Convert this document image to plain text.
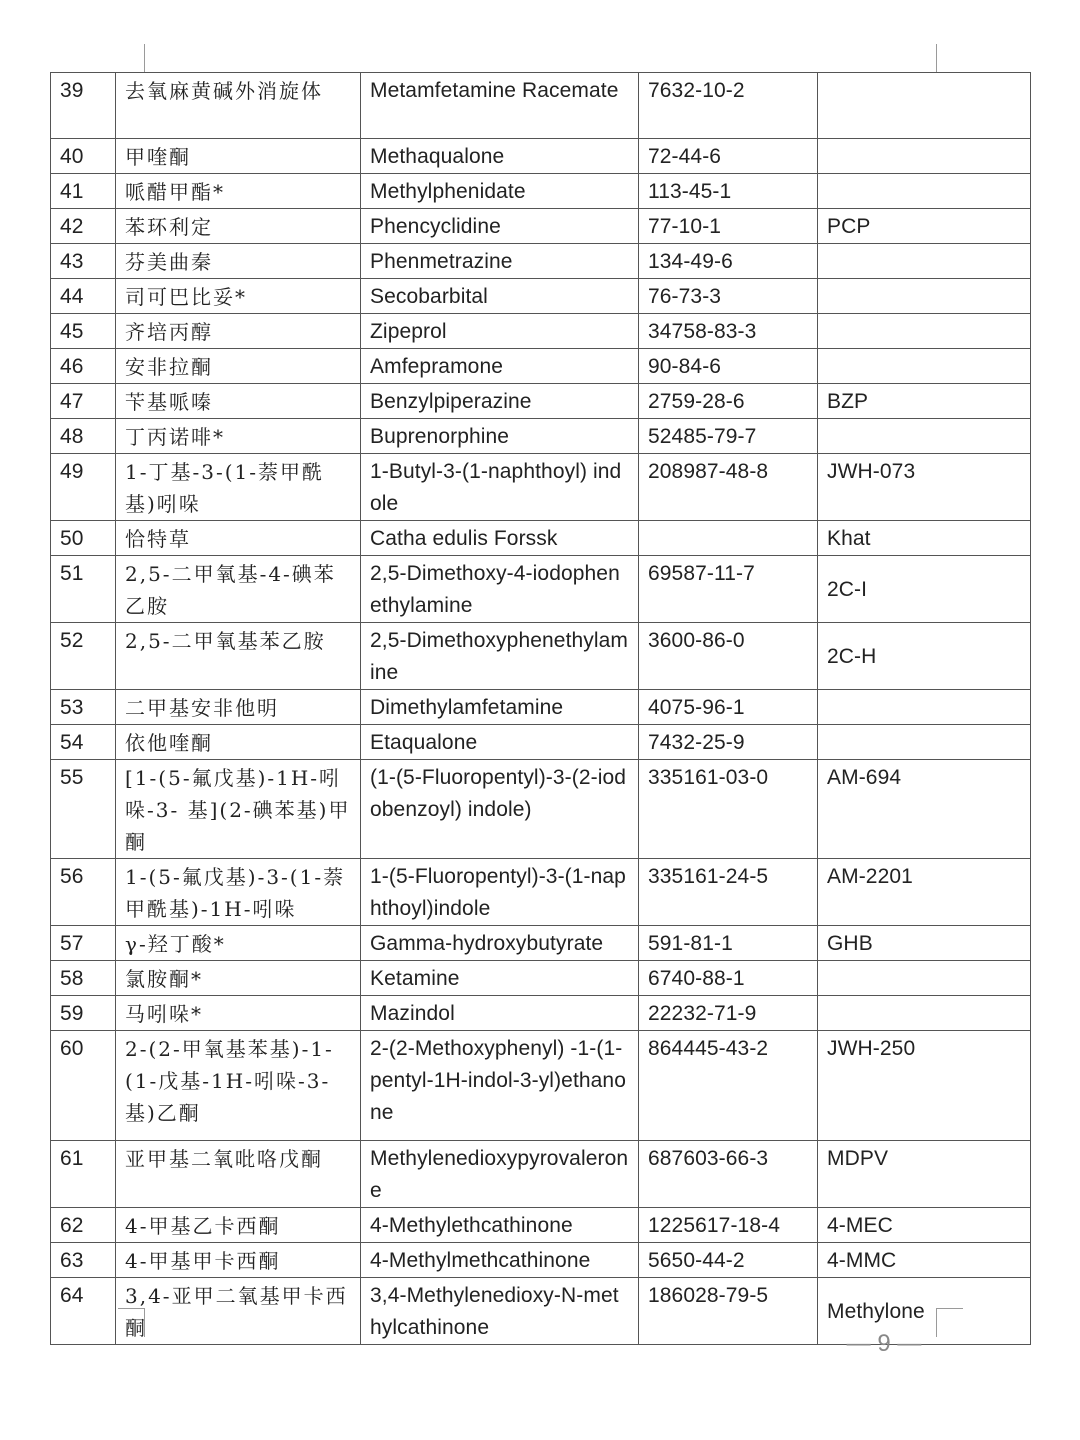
39	去氧麻黄碱外消旋体	Metamfetamine Racemate	7632-10-2	
40	甲喹酮	Methaqualone	72-44-6	
41	哌醋甲酯*	Methylphenidate	113-45-1	
42	苯环利定	Phencyclidine	77-10-1	PCP
43	芬美曲秦	Phenmetrazine	134-49-6	
44	司可巴比妥*	Secobarbital	76-73-3	
45	齐培丙醇	Zipeprol	34758-83-3	
46	安非拉酮	Amfepramone	90-84-6	
47	苄基哌嗪	Benzylpiperazine	2759-28-6	BZP
48	丁丙诺啡*	Buprenorphine	52485-79-7	
49	1-丁基-3-(1-萘甲酰基)吲哚	1-Butyl-3-(1-naphthoyl) indole	208987-48-8	JWH-073
50	恰特草	Catha edulis Forssk		Khat
51	2,5-二甲氧基-4-碘苯乙胺	2,5-Dimethoxy-4-iodophenethylamine	69587-11-7	2C-I
52	2,5-二甲氧基苯乙胺	2,5-Dimethoxyphenethylamine	3600-86-0	2C-H
53	二甲基安非他明	Dimethylamfetamine	4075-96-1	
54	依他喹酮	Etaqualone	7432-25-9	
55	[1-(5-氟戊基)-1H-吲哚-3- 基](2-碘苯基)甲酮	(1-(5-Fluoropentyl)-3-(2-iodobenzoyl) indole)	335161-03-0	AM-694
56	1-(5-氟戊基)-3-(1-萘甲酰基)-1H-吲哚	1-(5-Fluoropentyl)-3-(1-naphthoyl)indole	335161-24-5	AM-2201
57	γ-羟丁酸*	Gamma-hydroxybutyrate	591-81-1	GHB
58	氯胺酮*	Ketamine	6740-88-1	
59	马吲哚*	Mazindol	22232-71-9	
60	2-(2-甲氧基苯基)-1-(1-戊基-1H-吲哚-3-基)乙酮	2-(2-Methoxyphenyl) -1-(1-pentyl-1H-indol-3-yl)ethanone	864445-43-2	JWH-250
61	亚甲基二氧吡咯戊酮	Methylenedioxypyrovalerone	687603-66-3	MDPV
62	4-甲基乙卡西酮	4-Methylethcathinone	1225617-18-4	4-MEC
63	4-甲基甲卡西酮	4-Methylmethcathinone	5650-44-2	4-MMC
64	3,4-亚甲二氧基甲卡西酮	3,4-Methylenedioxy-N-methylcathinone	186028-79-5	Methylone
— 9 —
